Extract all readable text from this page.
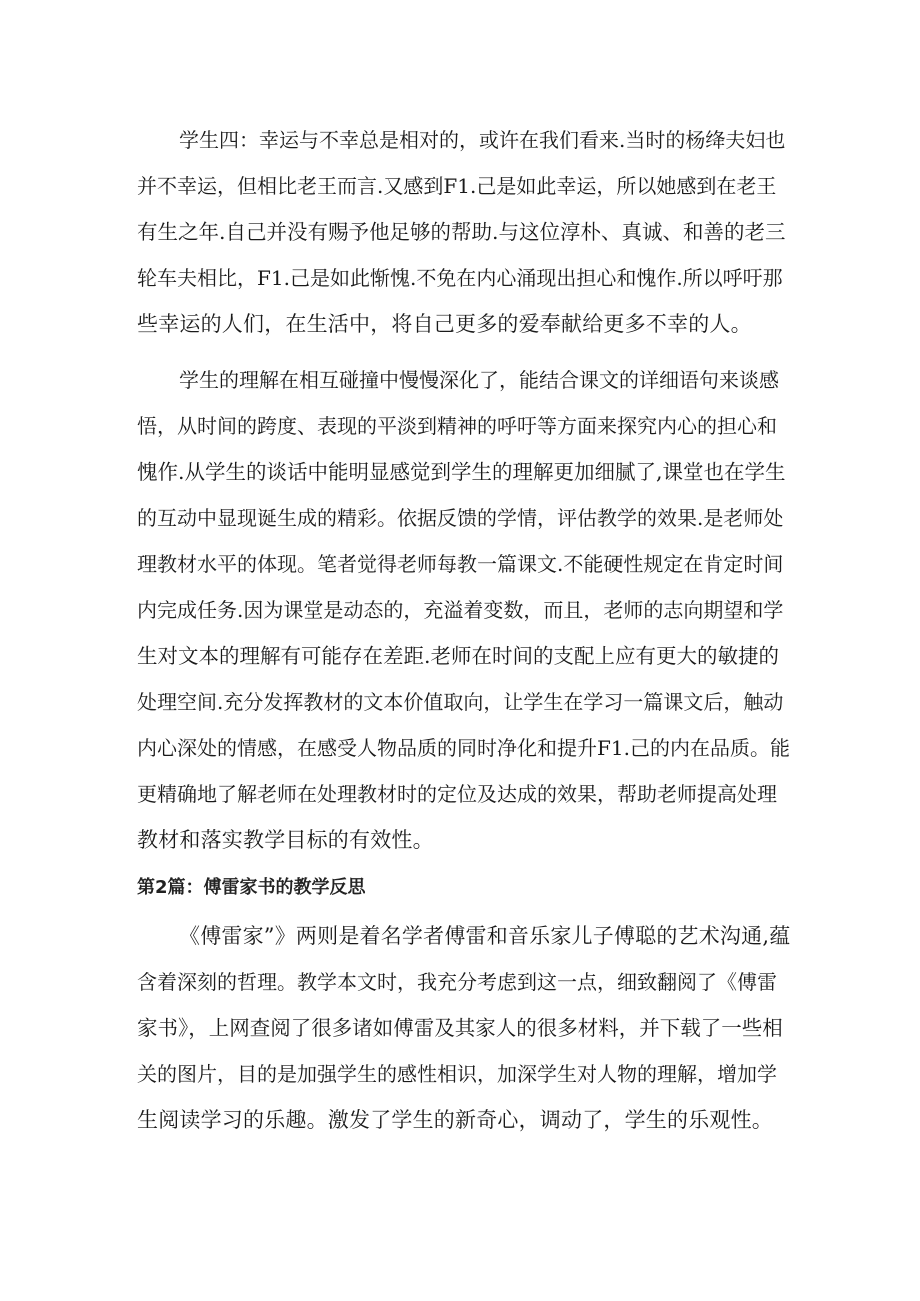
学生四：幸运与不幸总是相对的，或许在我们看来.当时的杨绛夫妇也

并不幸运，但相比老王而言.又感到F1.己是如此幸运，所以她感到在老王

有生之年.自己并没有赐予他足够的帮助.与这位淳朴、真诚、和善的老三

轮车夫相比，F1.己是如此惭愧.不免在内心涌现出担心和愧作.所以呼吁那

些幸运的人们，在生活中，将自己更多的爱奉献给更多不幸的人。

学生的理解在相互碰撞中慢慢深化了，能结合课文的详细语句来谈感

悟，从时间的跨度、表现的平淡到精神的呼吁等方面来探究内心的担心和

愧作.从学生的谈话中能明显感觉到学生的理解更加细腻了,课堂也在学生

的互动中显现诞生成的精彩。依据反馈的学情，评估教学的效果.是老师处

理教材水平的体现。笔者觉得老师每教一篇课文.不能硬性规定在肯定时间

内完成任务.因为课堂是动态的，充溢着变数，而且，老师的志向期望和学

生对文本的理解有可能存在差距.老师在时间的支配上应有更大的敏捷的

处理空间.充分发挥教材的文本价值取向，让学生在学习一篇课文后，触动

内心深处的情感，在感受人物品质的同时净化和提升F1.己的内在品质。能

更精确地了解老师在处理教材时的定位及达成的效果，帮助老师提高处理

教材和落实教学目标的有效性。

第2篇：傅雷家书的教学反思

《傅雷家”》两则是着名学者傅雷和音乐家儿子傅聪的艺术沟通,蕴

含着深刻的哲理。教学本文时，我充分考虑到这一点，细致翻阅了《傅雷

家书》，上网查阅了很多诸如傅雷及其家人的很多材料，并下载了一些相

关的图片，目的是加强学生的感性相识，加深学生对人物的理解，增加学

生阅读学习的乐趣。激发了学生的新奇心，调动了，学生的乐观性。
